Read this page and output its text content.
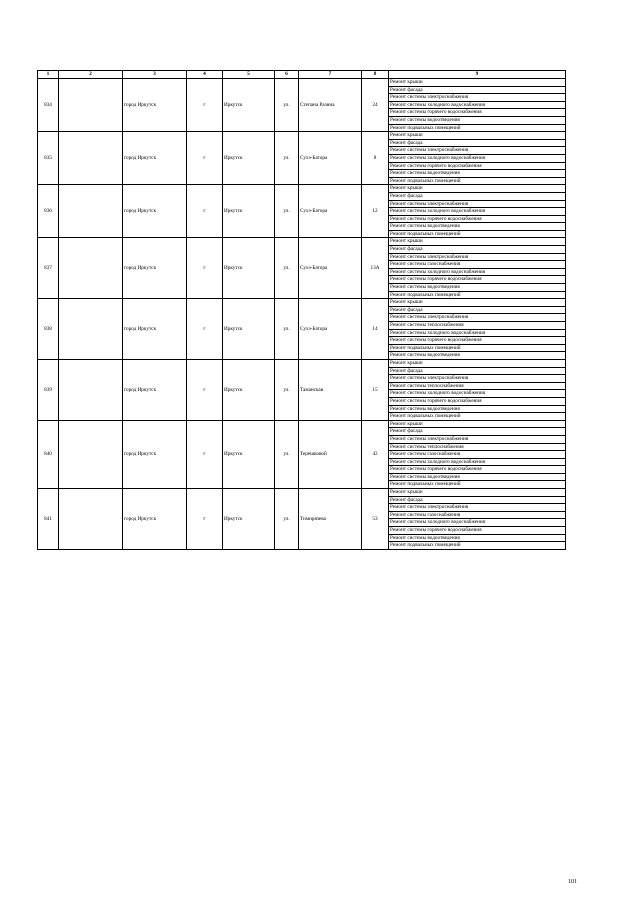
1	2	3	4	5	6	7	8	9
834		город Иркутск	г	Иркутск	ул.	Степана Разина	24	Ремонт крыши
								Ремонт фасада
								Ремонт системы электроснабжения
								Ремонт системы холодного водоснабжения
								Ремонт системы горячего водоснабжения
								Ремонт системы водоотведения
								Ремонт подвальных помещений
835		город Иркутск	г	Иркутск	ул.	Сухэ-Батора	8	Ремонт крыши
								Ремонт фасада
								Ремонт системы электроснабжения
								Ремонт системы холодного водоснабжения
								Ремонт системы горячего водоснабжения
								Ремонт системы водоотведения
								Ремонт подвальных помещений
836		город Иркутск	г	Иркутск	ул.	Сухэ-Батора	12	Ремонт крыши
								Ремонт фасада
								Ремонт системы электроснабжения
								Ремонт системы холодного водоснабжения
								Ремонт системы горячего водоснабжения
								Ремонт системы водоотведения
								Ремонт подвальных помещений
837		город Иркутск	г	Иркутск	ул.	Сухэ-Батора	13А	Ремонт крыши
								Ремонт фасада
								Ремонт системы электроснабжения
								Ремонт системы газоснабжения
								Ремонт системы холодного водоснабжения
								Ремонт системы горячего водоснабжения
								Ремонт системы водоотведения
								Ремонт подвальных помещений
838		город Иркутск	г	Иркутск	ул.	Сухэ-Батора	14	Ремонт крыши
								Ремонт фасада
								Ремонт системы электроснабжения
								Ремонт системы теплоснабжения
								Ремонт системы холодного водоснабжения
								Ремонт системы горячего водоснабжения
								Ремонт подвальных помещений
								Ремонт системы водоотведения
839		город Иркутск	г	Иркутск	ул.	Таманская	15	Ремонт крыши
								Ремонт фасада
								Ремонт системы электроснабжения
								Ремонт системы теплоснабжения
								Ремонт системы холодного водоснабжения
								Ремонт системы горячего водоснабжения
								Ремонт системы водоотведения
								Ремонт подвальных помещений
840		город Иркутск	г	Иркутск	ул.	Терешковой	42	Ремонт крыши
								Ремонт фасада
								Ремонт системы электроснабжения
								Ремонт системы теплоснабжения
								Ремонт системы газоснабжения
								Ремонт системы холодного водоснабжения
								Ремонт системы горячего водоснабжения
								Ремонт системы водоотведения
								Ремонт подвальных помещений
841		город Иркутск	г	Иркутск	ул.	Тимирязева	53	Ремонт крыши
								Ремонт фасада
								Ремонт системы электроснабжения
								Ремонт системы газоснабжения
								Ремонт системы холодного водоснабжения
								Ремонт системы горячего водоснабжения
								Ремонт системы водоотведения
								Ремонт подвальных помещений
101
